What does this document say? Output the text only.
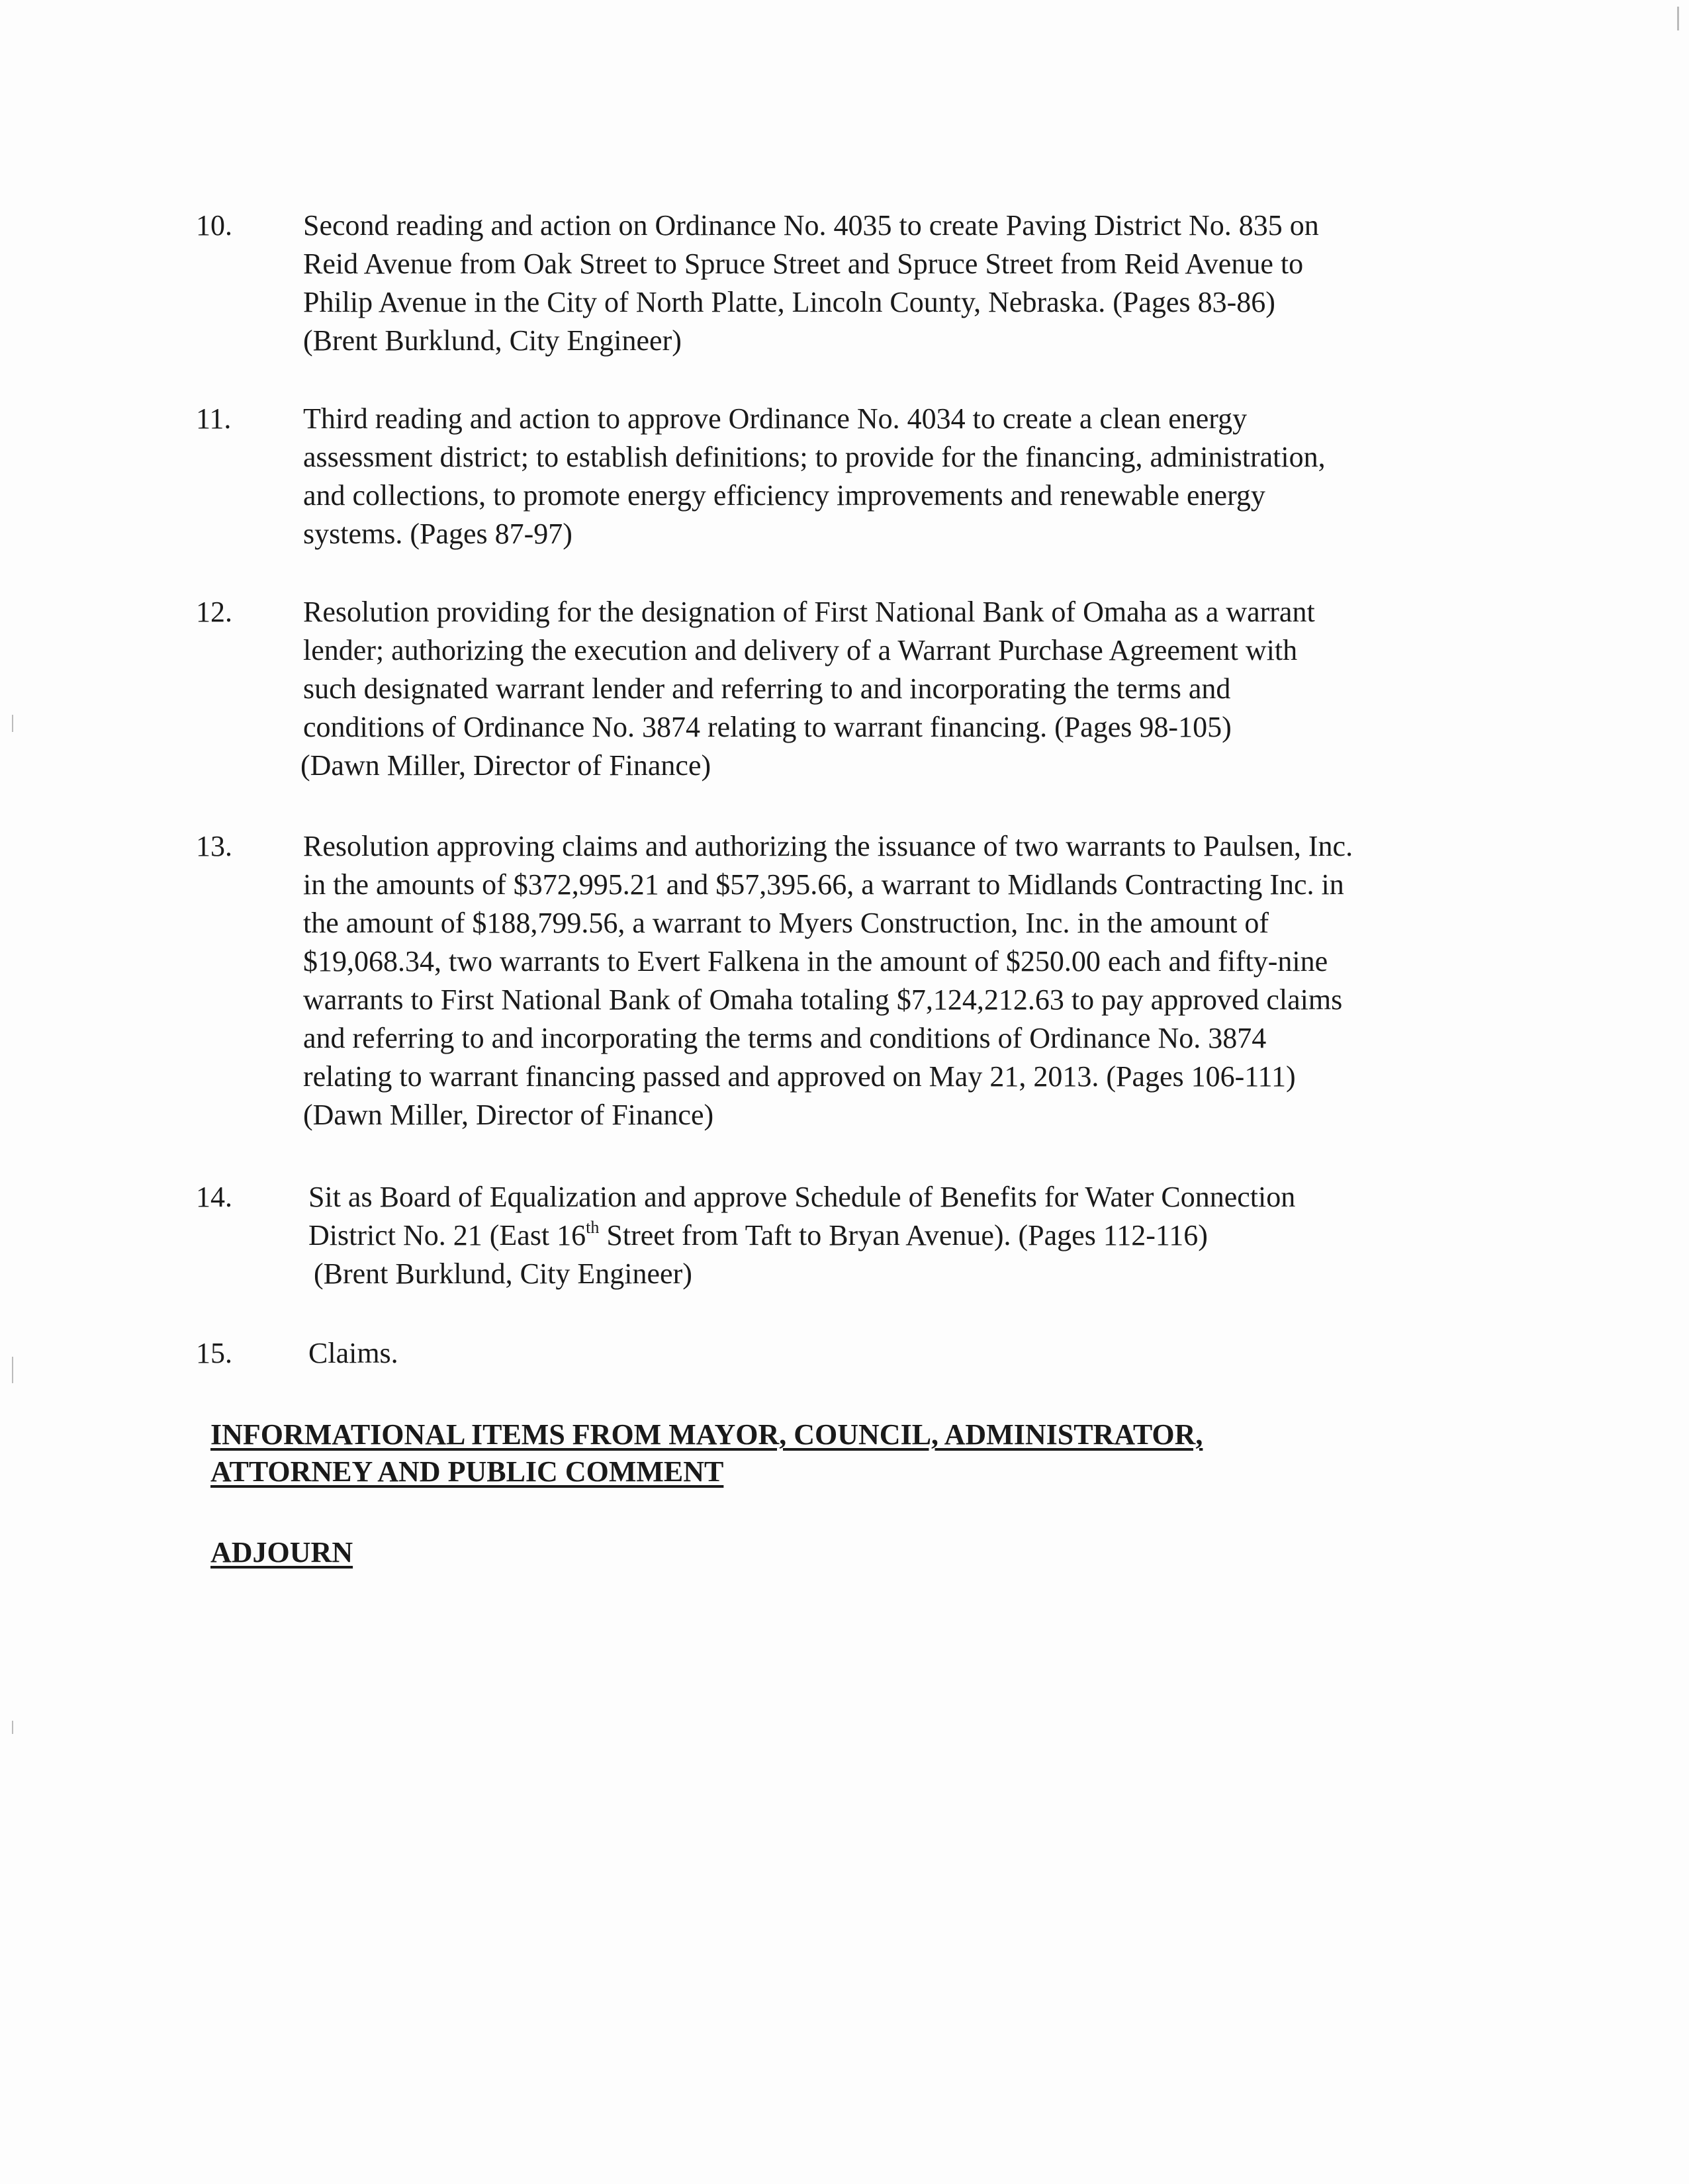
10. Second reading and action on Ordinance No. 4035 to create Paving District No. 835 on
Reid Avenue from Oak Street to Spruce Street and Spruce Street from Reid Avenue to
Philip Avenue in the City of North Platte, Lincoln County, Nebraska. (Pages 83-86)
(Brent Burklund, City Engineer)
11. Third reading and action to approve Ordinance No. 4034 to create a clean energy
assessment district; to establish definitions; to provide for the financing, administration,
and collections, to promote energy efficiency improvements and renewable energy
systems. (Pages 87-97)
12. Resolution providing for the designation of First National Bank of Omaha as a warrant
lender; authorizing the execution and delivery of a Warrant Purchase Agreement with
such designated warrant lender and referring to and incorporating the terms and
conditions of Ordinance No. 3874 relating to warrant financing. (Pages 98-105)
(Dawn Miller, Director of Finance)
13. Resolution approving claims and authorizing the issuance of two warrants to Paulsen, Inc.
in the amounts of $372,995.21 and $57,395.66, a warrant to Midlands Contracting Inc. in
the amount of $188,799.56, a warrant to Myers Construction, Inc. in the amount of
$19,068.34, two warrants to Evert Falkena in the amount of $250.00 each and fifty-nine
warrants to First National Bank of Omaha totaling $7,124,212.63 to pay approved claims
and referring to and incorporating the terms and conditions of Ordinance No. 3874
relating to warrant financing passed and approved on May 21, 2013. (Pages 106-111)
(Dawn Miller, Director of Finance)
14.	Sit as Board of Equalization and approve Schedule of Benefits for Water Connection
District No. 21 (East 16th Street from Taft to Bryan Avenue). (Pages 112-116)
(Brent Burklund, City Engineer)
15.	Claims.
INFORMATIONAL ITEMS FROM MAYOR, COUNCIL, ADMINISTRATOR,
ATTORNEY AND PUBLIC COMMENT
ADJOURN
